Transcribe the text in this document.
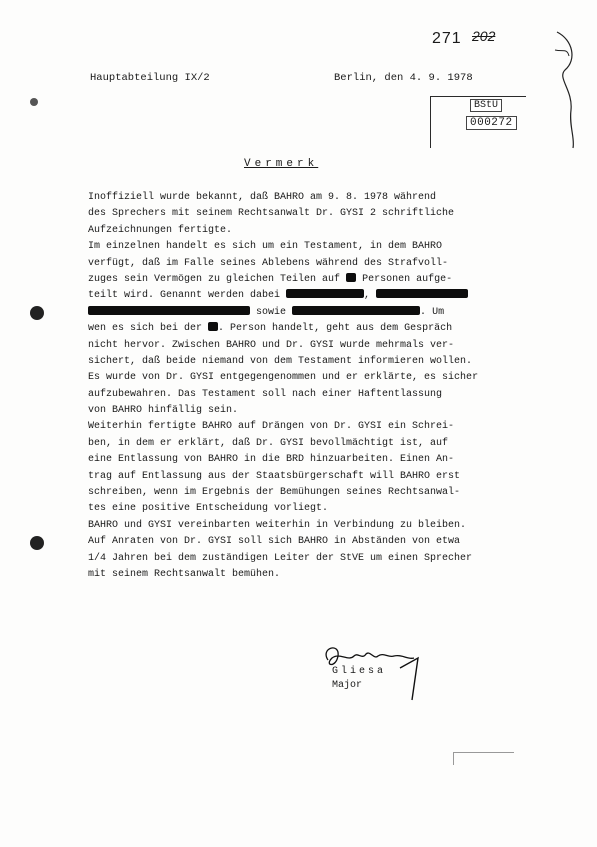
271 202
Hauptabteilung IX/2	Berlin, den 4. 9. 1978
BStU
000272
Vermerk
Inoffiziell wurde bekannt, daß BAHRO am 9. 8. 1978 während
des Sprechers mit seinem Rechtsanwalt Dr. GYSI 2 schriftliche
Aufzeichnungen fertigte.
Im einzelnen handelt es sich um ein Testament, in dem BAHRO
verfügt, daß im Falle seines Ablebens während des Strafvoll-
zuges sein Vermögen zu gleichen Teilen auf Personen aufge-
teilt wird. Genannt werden dabei	,
sowie	. Um
wen es sich bei der . Person handelt, geht aus dem Gespräch
nicht hervor. Zwischen BAHRO und Dr. GYSI wurde mehrmals ver-
sichert, daß beide niemand von dem Testament informieren wollen.
Es wurde von Dr. GYSI entgegengenommen und er erklärte, es sicher
aufzubewahren. Das Testament soll nach einer Haftentlassung
von BAHRO hinfällig sein.
Weiterhin fertigte BAHRO auf Drängen von Dr. GYSI ein Schrei-
ben, in dem er erklärt, daß Dr. GYSI bevollmächtigt ist, auf
eine Entlassung von BAHRO in die BRD hinzuarbeiten. Einen An-
trag auf Entlassung aus der Staatsbürgerschaft will BAHRO erst
schreiben, wenn im Ergebnis der Bemühungen seines Rechtsanwal-
tes eine positive Entscheidung vorliegt.
BAHRO und GYSI vereinbarten weiterhin in Verbindung zu bleiben.
Auf Anraten von Dr. GYSI soll sich BAHRO in Abständen von etwa
1/4 Jahren bei dem zuständigen Leiter der StVE um einen Sprecher
mit seinem Rechtsanwalt bemühen.
Gliesa
Major
